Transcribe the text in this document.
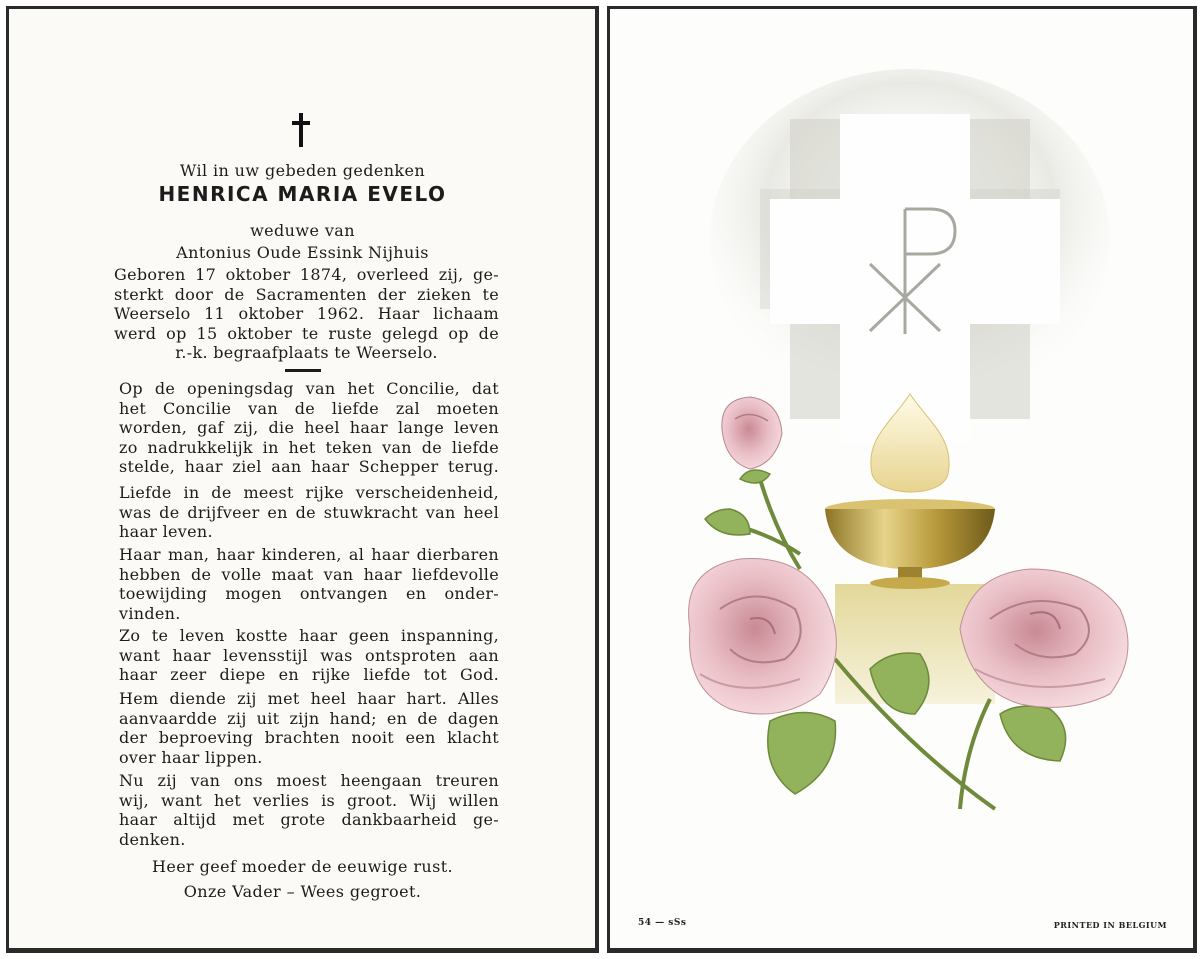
Wil in uw gebeden gedenken
HENRICA MARIA EVELO
weduwe van
Antonius Oude Essink Nijhuis

Geboren 17 oktober 1874, overleed zij, ge-
sterkt door de Sacramenten der zieken te
Weerselo 11 oktober 1962. Haar lichaam
werd op 15 oktober te ruste gelegd op de
r.-k. begraafplaats te Weerselo.

Op de openingsdag van het Concilie, dat
het Concilie van de liefde zal moeten
worden, gaf zij, die heel haar lange leven
zo nadrukkelijk in het teken van de liefde
stelde, haar ziel aan haar Schepper terug.

Liefde in de meest rijke verscheidenheid,
was de drijfveer en de stuwkracht van heel
haar leven.

Haar man, haar kinderen, al haar dierbaren
hebben de volle maat van haar liefdevolle
toewijding mogen ontvangen en onder-
vinden.

Zo te leven kostte haar geen inspanning,
want haar levensstijl was ontsproten aan
haar zeer diepe en rijke liefde tot God.

Hem diende zij met heel haar hart. Alles
aanvaardde zij uit zijn hand; en de dagen
der beproeving brachten nooit een klacht
over haar lippen.

Nu zij van ons moest heengaan treuren
wij, want het verlies is groot. Wij willen
haar altijd met grote dankbaarheid ge-
denken.

Heer geef moeder de eeuwige rust.
Onze Vader – Wees gegroet.
54 — sSs	PRINTED IN BELGIUM
